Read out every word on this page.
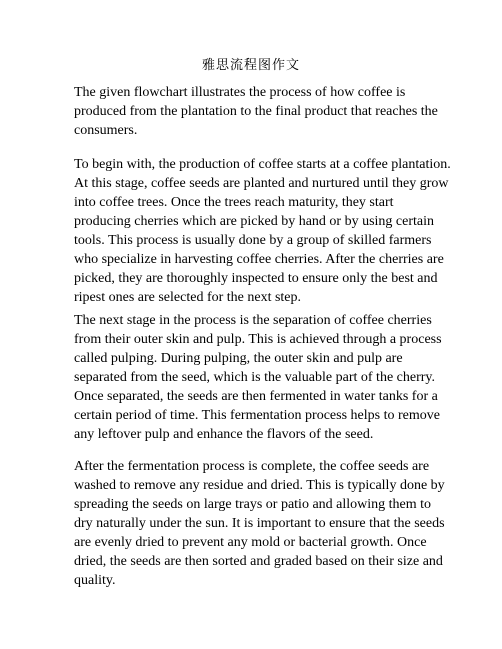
雅思流程图作文
The given flowchart illustrates the process of how coffee is
produced from the plantation to the final product that reaches the
consumers.
To begin with, the production of coffee starts at a coffee plantation.
At this stage, coffee seeds are planted and nurtured until they grow
into coffee trees. Once the trees reach maturity, they start
producing cherries which are picked by hand or by using certain
tools. This process is usually done by a group of skilled farmers
who specialize in harvesting coffee cherries. After the cherries are
picked, they are thoroughly inspected to ensure only the best and
ripest ones are selected for the next step.
The next stage in the process is the separation of coffee cherries
from their outer skin and pulp. This is achieved through a process
called pulping. During pulping, the outer skin and pulp are
separated from the seed, which is the valuable part of the cherry.
Once separated, the seeds are then fermented in water tanks for a
certain period of time. This fermentation process helps to remove
any leftover pulp and enhance the flavors of the seed.
After the fermentation process is complete, the coffee seeds are
washed to remove any residue and dried. This is typically done by
spreading the seeds on large trays or patio and allowing them to
dry naturally under the sun. It is important to ensure that the seeds
are evenly dried to prevent any mold or bacterial growth. Once
dried, the seeds are then sorted and graded based on their size and
quality.
